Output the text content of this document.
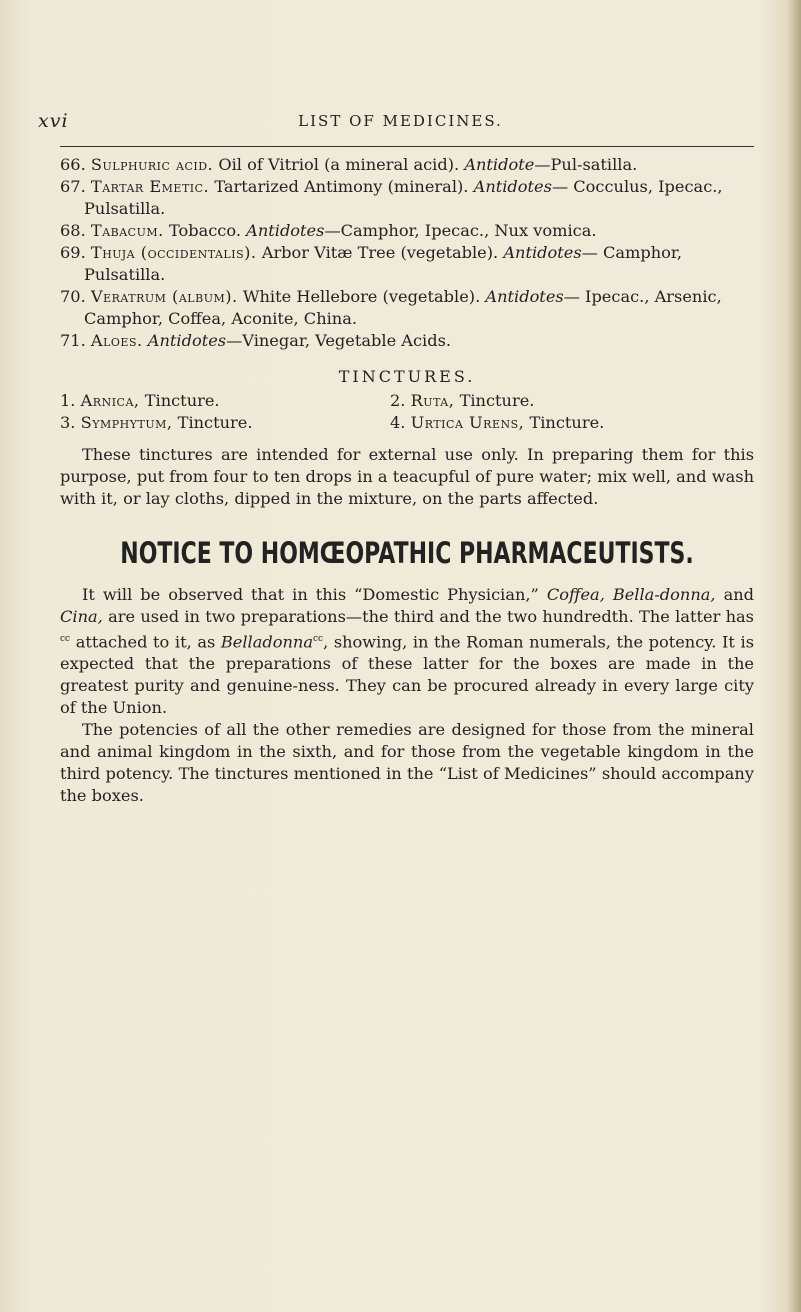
xvi	LIST OF MEDICINES.

66. Sulphuric acid. Oil of Vitriol (a mineral acid). Antidote—Pul-satilla.

67. Tartar Emetic. Tartarized Antimony (mineral). Antidotes— Cocculus, Ipecac., Pulsatilla.

68. Tabacum. Tobacco. Antidotes—Camphor, Ipecac., Nux vomica.

69. Thuja (occidentalis). Arbor Vitæ Tree (vegetable). Antidotes— Camphor, Pulsatilla.

70. Veratrum (album). White Hellebore (vegetable). Antidotes— Ipecac., Arsenic, Camphor, Coffea, Aconite, China.

71. Aloes. Antidotes—Vinegar, Vegetable Acids.

TINCTURES.
1. Arnica, Tincture.	2. Ruta, Tincture.
3. Symphytum, Tincture.	4. Urtica Urens, Tincture.

These tinctures are intended for external use only. In preparing them for this purpose, put from four to ten drops in a teacupful of pure water; mix well, and wash with it, or lay cloths, dipped in the mixture, on the parts affected.

NOTICE TO HOMŒOPATHIC PHARMACEUTISTS.

It will be observed that in this “Domestic Physician,” Coffea, Bella-donna, and Cina, are used in two preparations—the third and the two hundredth. The latter has $^{cc}$ attached to it, as Belladonna$^{cc}$, showing, in the Roman numerals, the potency. It is expected that the preparations of these latter for the boxes are made in the greatest purity and genuine-ness. They can be procured already in every large city of the Union.

The potencies of all the other remedies are designed for those from the mineral and animal kingdom in the sixth, and for those from the vegetable kingdom in the third potency. The tinctures mentioned in the “List of Medicines” should accompany the boxes.
